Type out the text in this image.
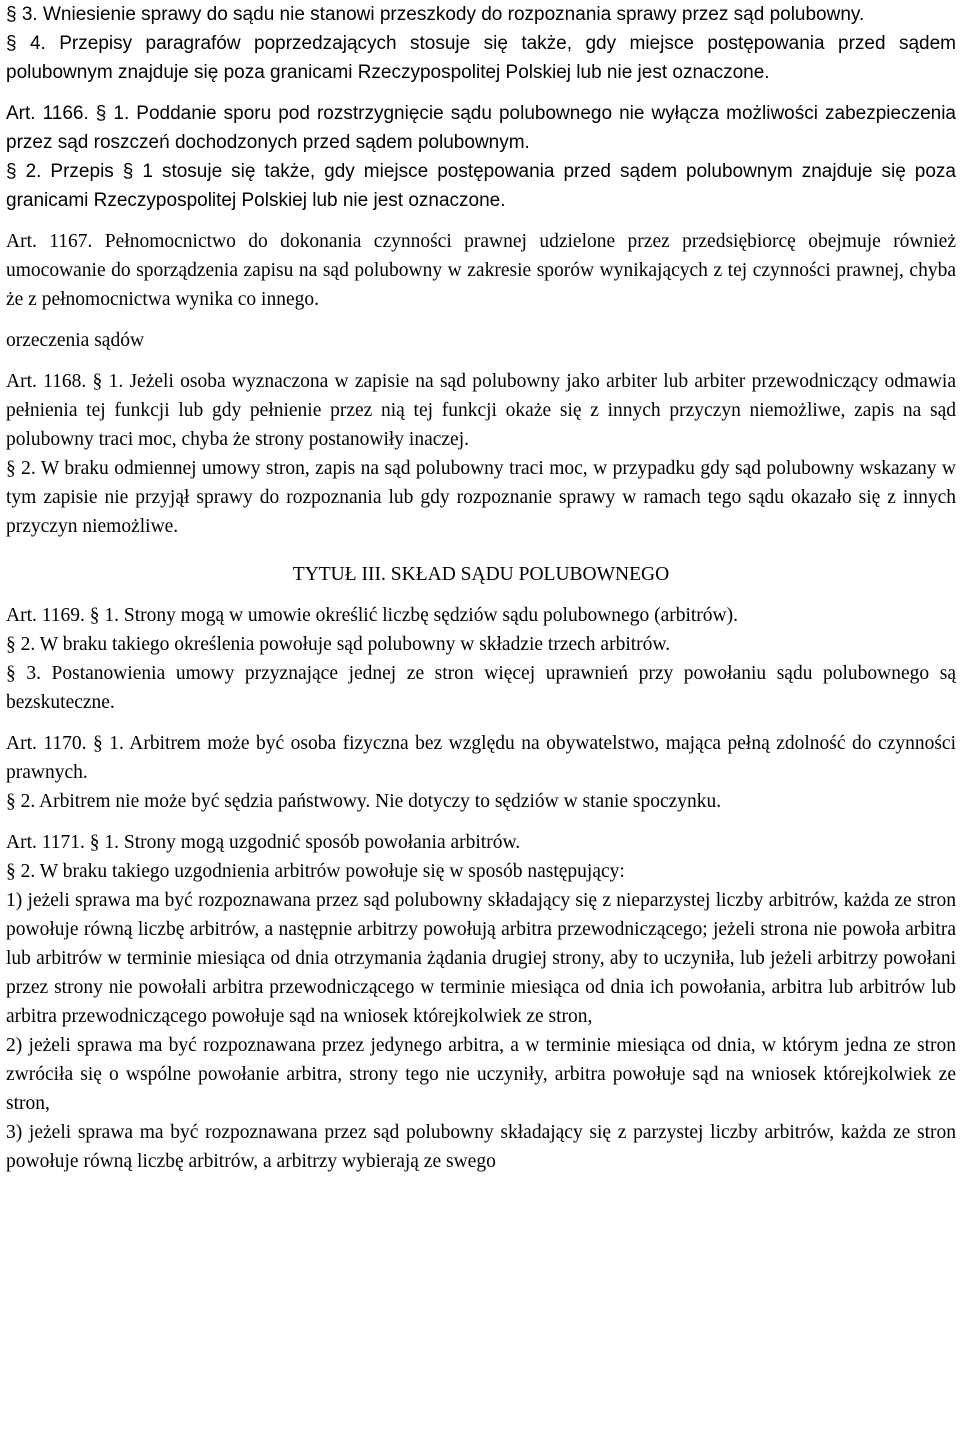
§ 3. Wniesienie sprawy do sądu nie stanowi przeszkody do rozpoznania sprawy przez sąd polubowny.

§ 4. Przepisy paragrafów poprzedzających stosuje się także, gdy miejsce postępowania przed sądem polubownym znajduje się poza granicami Rzeczypospolitej Polskiej lub nie jest oznaczone.

Art. 1166. § 1. Poddanie sporu pod rozstrzygnięcie sądu polubownego nie wyłącza możliwości zabezpieczenia przez sąd roszczeń dochodzonych przed sądem polubownym.

§ 2. Przepis § 1 stosuje się także, gdy miejsce postępowania przed sądem polubownym znajduje się poza granicami Rzeczypospolitej Polskiej lub nie jest oznaczone.

Art. 1167. Pełnomocnictwo do dokonania czynności prawnej udzielone przez przedsiębiorcę obejmuje również umocowanie do sporządzenia zapisu na sąd polubowny w zakresie sporów wynikających z tej czynności prawnej, chyba że z pełnomocnictwa wynika co innego.

orzeczenia sądów

Art. 1168. § 1. Jeżeli osoba wyznaczona w zapisie na sąd polubowny jako arbiter lub arbiter przewodniczący odmawia pełnienia tej funkcji lub gdy pełnienie przez nią tej funkcji okaże się z innych przyczyn niemożliwe, zapis na sąd polubowny traci moc, chyba że strony postanowiły inaczej.

§ 2. W braku odmiennej umowy stron, zapis na sąd polubowny traci moc, w przypadku gdy sąd polubowny wskazany w tym zapisie nie przyjął sprawy do rozpoznania lub gdy rozpoznanie sprawy w ramach tego sądu okazało się z innych przyczyn niemożliwe.

TYTUŁ III. SKŁAD SĄDU POLUBOWNEGO

Art. 1169. § 1. Strony mogą w umowie określić liczbę sędziów sądu polubownego (arbitrów).

§ 2. W braku takiego określenia powołuje sąd polubowny w składzie trzech arbitrów.

§ 3. Postanowienia umowy przyznające jednej ze stron więcej uprawnień przy powołaniu sądu polubownego są bezskuteczne.

Art. 1170. § 1. Arbitrem może być osoba fizyczna bez względu na obywatelstwo, mająca pełną zdolność do czynności prawnych.

§ 2. Arbitrem nie może być sędzia państwowy. Nie dotyczy to sędziów w stanie spoczynku.

Art. 1171. § 1. Strony mogą uzgodnić sposób powołania arbitrów.

§ 2. W braku takiego uzgodnienia arbitrów powołuje się w sposób następujący:

1) jeżeli sprawa ma być rozpoznawana przez sąd polubowny składający się z nieparzystej liczby arbitrów, każda ze stron powołuje równą liczbę arbitrów, a następnie arbitrzy powołują arbitra przewodniczącego; jeżeli strona nie powoła arbitra lub arbitrów w terminie miesiąca od dnia otrzymania żądania drugiej strony, aby to uczyniła, lub jeżeli arbitrzy powołani przez strony nie powołali arbitra przewodniczącego w terminie miesiąca od dnia ich powołania, arbitra lub arbitrów lub arbitra przewodniczącego powołuje sąd na wniosek którejkolwiek ze stron,

2) jeżeli sprawa ma być rozpoznawana przez jedynego arbitra, a w terminie miesiąca od dnia, w którym jedna ze stron zwróciła się o wspólne powołanie arbitra, strony tego nie uczyniły, arbitra powołuje sąd na wniosek którejkolwiek ze stron,

3) jeżeli sprawa ma być rozpoznawana przez sąd polubowny składający się z parzystej liczby arbitrów, każda ze stron powołuje równą liczbę arbitrów, a arbitrzy wybierają ze swego
